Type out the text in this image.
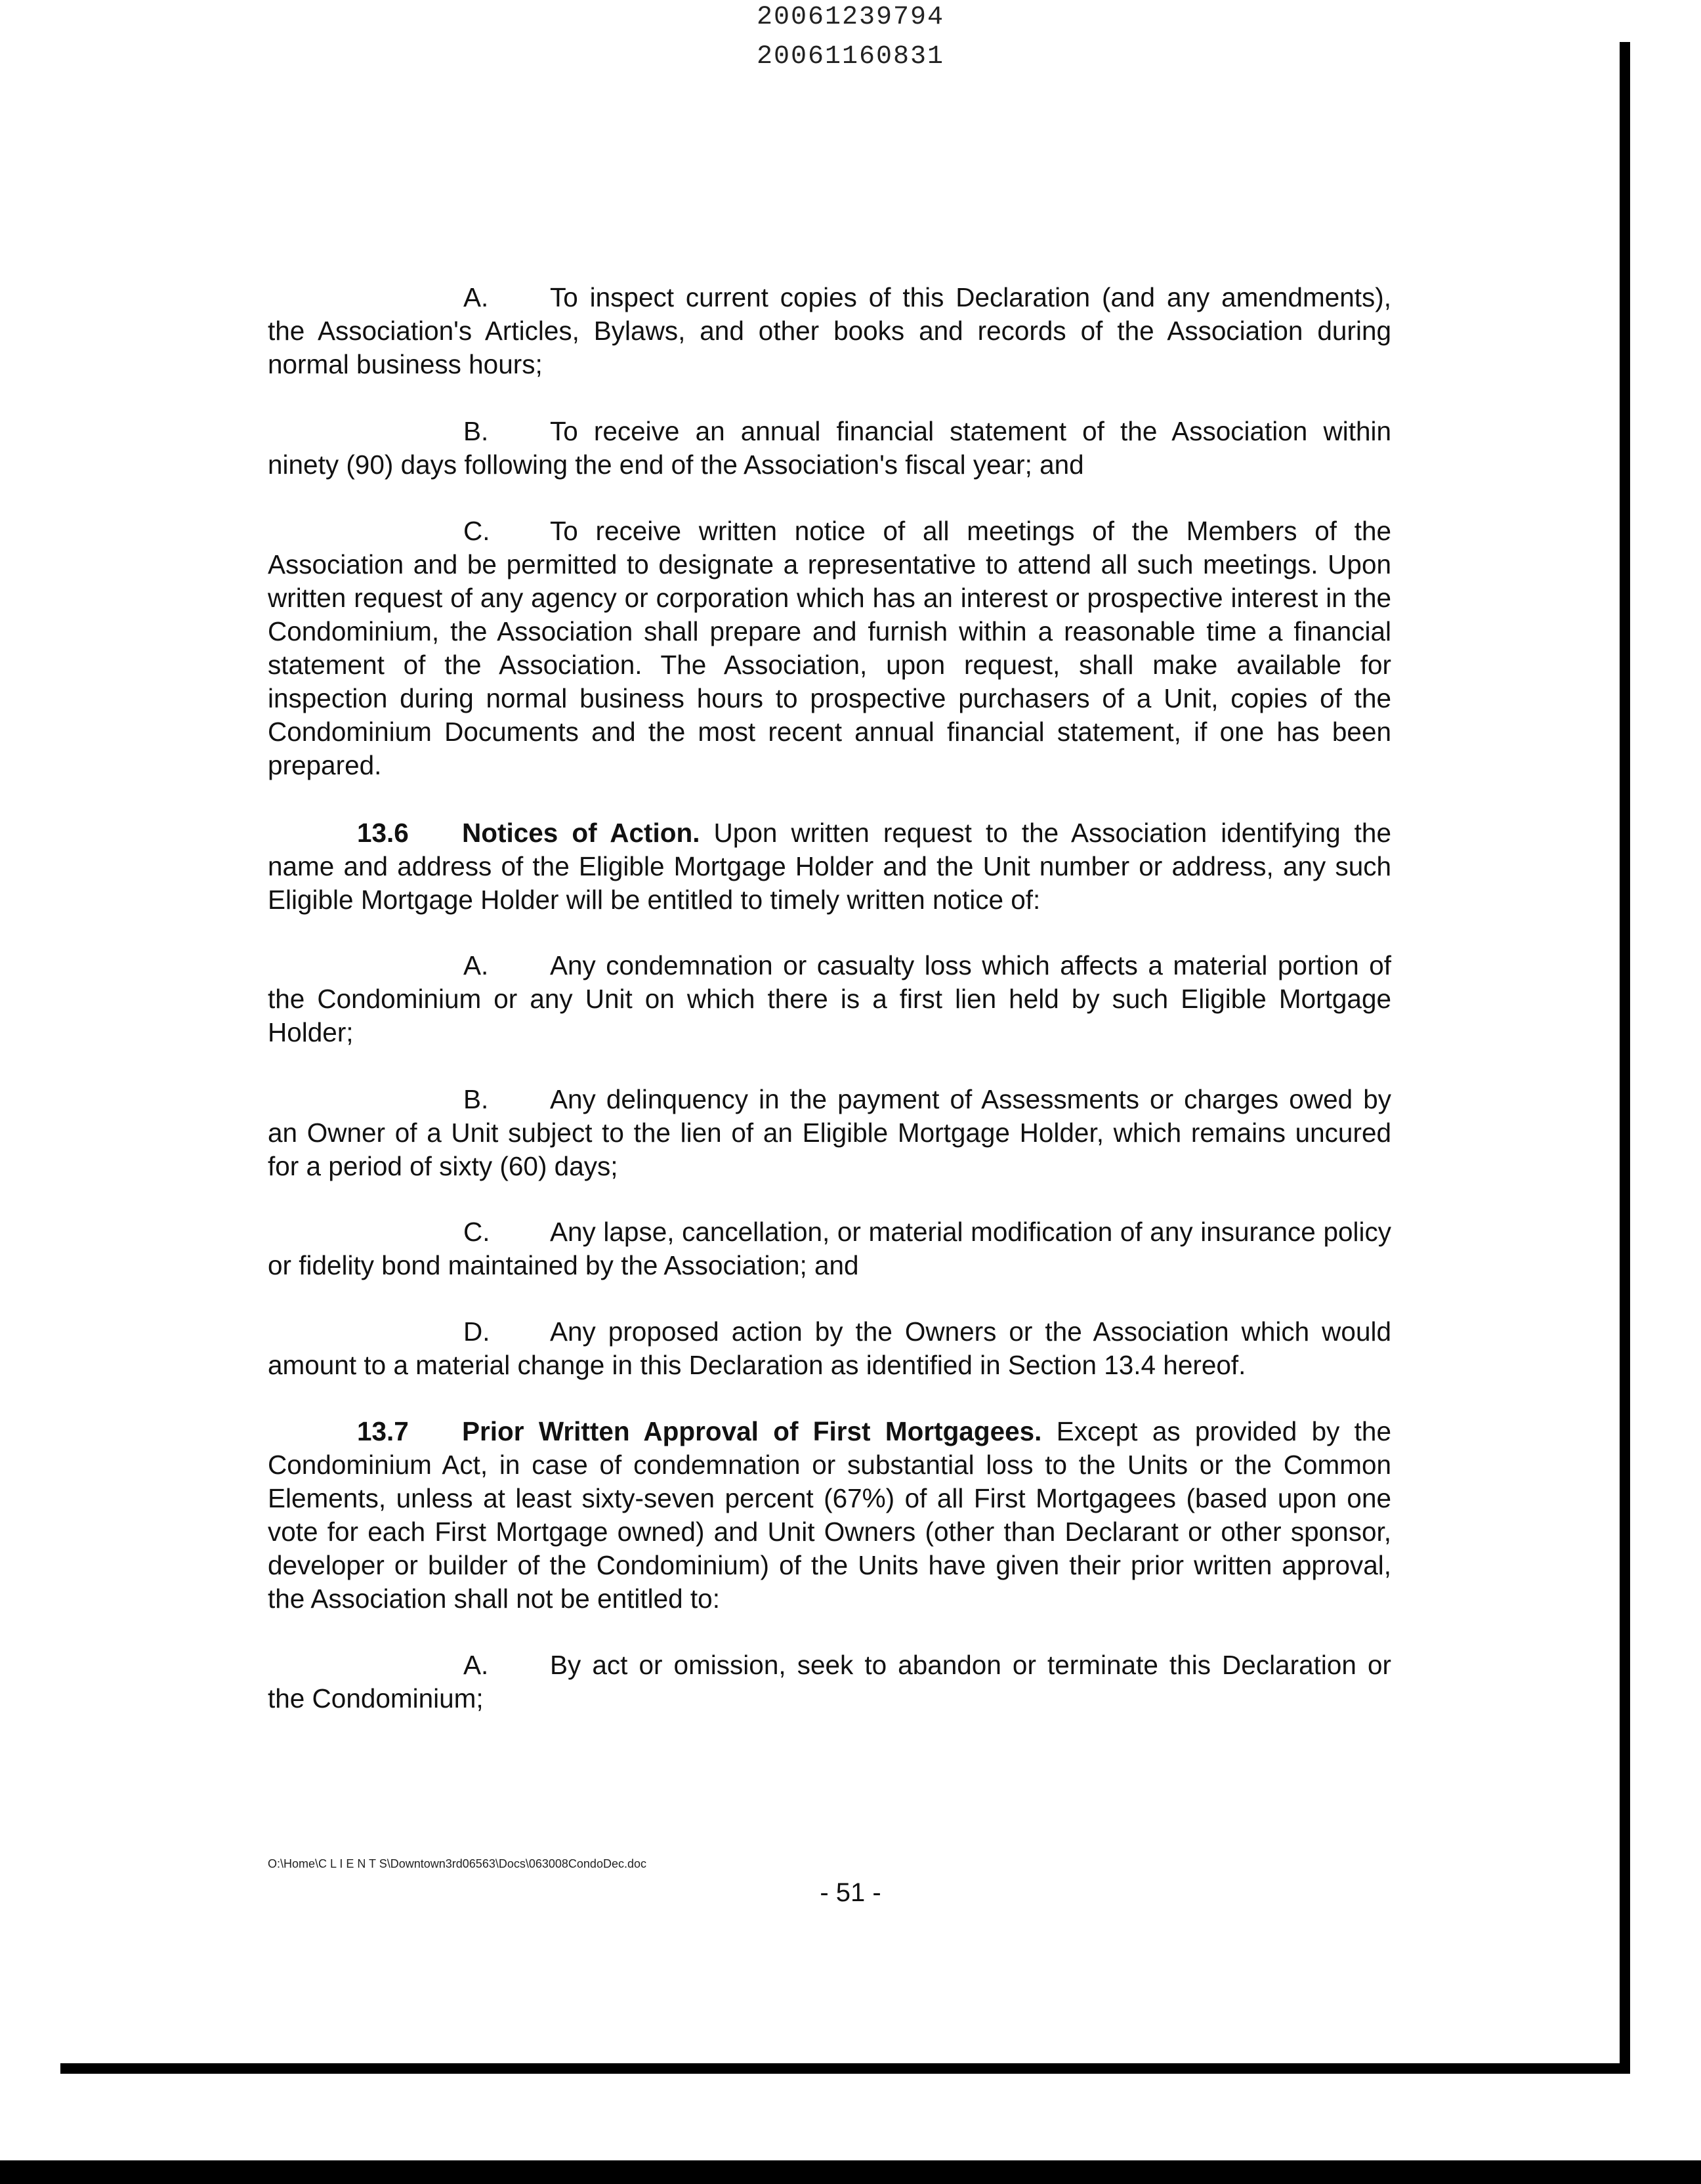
20061239794
20061160831

A. To inspect current copies of this Declaration (and any amendments), the Association's Articles, Bylaws, and other books and records of the Association during normal business hours;

B. To receive an annual financial statement of the Association within ninety (90) days following the end of the Association's fiscal year; and

C. To receive written notice of all meetings of the Members of the Association and be permitted to designate a representative to attend all such meetings. Upon written request of any agency or corporation which has an interest or prospective interest in the Condominium, the Association shall prepare and furnish within a reasonable time a financial statement of the Association. The Association, upon request, shall make available for inspection during normal business hours to prospective purchasers of a Unit, copies of the Condominium Documents and the most recent annual financial statement, if one has been prepared.

13.6 Notices of Action. Upon written request to the Association identifying the name and address of the Eligible Mortgage Holder and the Unit number or address, any such Eligible Mortgage Holder will be entitled to timely written notice of:

A. Any condemnation or casualty loss which affects a material portion of the Condominium or any Unit on which there is a first lien held by such Eligible Mortgage Holder;

B. Any delinquency in the payment of Assessments or charges owed by an Owner of a Unit subject to the lien of an Eligible Mortgage Holder, which remains uncured for a period of sixty (60) days;

C. Any lapse, cancellation, or material modification of any insurance policy or fidelity bond maintained by the Association; and

D. Any proposed action by the Owners or the Association which would amount to a material change in this Declaration as identified in Section 13.4 hereof.

13.7 Prior Written Approval of First Mortgagees. Except as provided by the Condominium Act, in case of condemnation or substantial loss to the Units or the Common Elements, unless at least sixty-seven percent (67%) of all First Mortgagees (based upon one vote for each First Mortgage owned) and Unit Owners (other than Declarant or other sponsor, developer or builder of the Condominium) of the Units have given their prior written approval, the Association shall not be entitled to:

A. By act or omission, seek to abandon or terminate this Declaration or the Condominium;

O:\Home\C L I E N T S\Downtown3rd06563\Docs\063008CondoDec.doc
- 51 -
